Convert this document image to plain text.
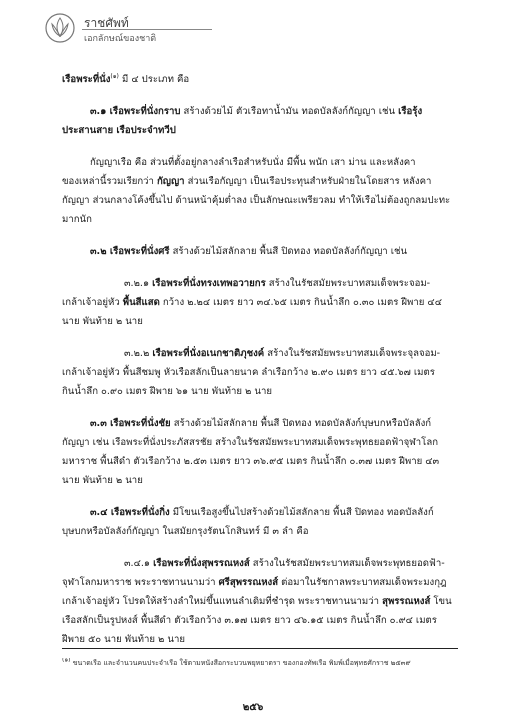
ราชศัพท์
เอกลักษณ์ของชาติ

เรือพระที่นั่ง$^{(๑)}$ มี ๔ ประเภท คือ

๓.๑ เรือพระที่นั่งกราบ สร้างด้วยไม้ ตัวเรือทาน้ำมัน ทอดบัลลังก์กัญญา เช่น เรือรุ้ง

ประสานสาย เรือประจำทวีป

กัญญาเรือ คือ ส่วนที่ตั้งอยู่กลางลำเรือสำหรับนั่ง มีพื้น พนัก เสา ม่าน และหลังคา

ของเหล่านี้รวมเรียกว่า กัญญา ส่วนเรือกัญญา เป็นเรือประทุนสำหรับฝ่ายในโดยสาร หลังคา

กัญญา ส่วนกลางโค้งขึ้นไป ด้านหน้าคุ้มต่ำลง เป็นลักษณะเพรียวลม ทำให้เรือไม่ต้องถูกลมปะทะ

มากนัก

๓.๒ เรือพระที่นั่งศรี สร้างด้วยไม้สลักลาย พื้นสี ปิดทอง ทอดบัลลังก์กัญญา เช่น

๓.๒.๑ เรือพระที่นั่งทรงเทพอวายกร สร้างในรัชสมัยพระบาทสมเด็จพระจอม-

เกล้าเจ้าอยู่หัว พื้นสีแสด กว้าง ๒.๒๔ เมตร ยาว ๓๔.๖๕ เมตร กินน้ำลึก ๐.๓๐ เมตร ฝีพาย ๔๔

นาย พันท้าย ๒ นาย

๓.๒.๒ เรือพระที่นั่งอเนกชาติภุชงค์ สร้างในรัชสมัยพระบาทสมเด็จพระจุลจอม-

เกล้าเจ้าอยู่หัว พื้นสีชมพู หัวเรือสลักเป็นลายนาค ลำเรือกว้าง ๒.๙๐ เมตร ยาว ๔๕.๖๗ เมตร

กินน้ำลึก ๐.๙๐ เมตร ฝีพาย ๖๑ นาย พันท้าย ๒ นาย

๓.๓ เรือพระที่นั่งชัย สร้างด้วยไม้สลักลาย พื้นสี ปิดทอง ทอดบัลลังก์บุษบกหรือบัลลังก์

กัญญา เช่น เรือพระที่นั่งประภัสสรชัย สร้างในรัชสมัยพระบาทสมเด็จพระพุทธยอดฟ้าจุฬาโลก

มหาราช พื้นสีดำ ตัวเรือกว้าง ๒.๕๓ เมตร ยาว ๓๖.๙๕ เมตร กินน้ำลึก ๐.๓๗ เมตร ฝีพาย ๔๓

นาย พันท้าย ๒ นาย

๓.๔ เรือพระที่นั่งกิ่ง มีโขนเรือสูงขึ้นไปสร้างด้วยไม้สลักลาย พื้นสี ปิดทอง ทอดบัลลังก์

บุษบกหรือบัลลังก์กัญญา ในสมัยกรุงรัตนโกสินทร์ มี ๓ ลำ คือ

๓.๔.๑ เรือพระที่นั่งสุพรรณหงส์ สร้างในรัชสมัยพระบาทสมเด็จพระพุทธยอดฟ้า-

จุฬาโลกมหาราช พระราชทานนามว่า ศรีสุพรรณหงส์ ต่อมาในรัชกาลพระบาทสมเด็จพระมงกุฎ

เกล้าเจ้าอยู่หัว โปรดให้สร้างลำใหม่ขึ้นแทนลำเดิมที่ชำรุด พระราชทานนามว่า สุพรรณหงส์ โขน

เรือสลักเป็นรูปหงส์ พื้นสีดำ ตัวเรือกว้าง ๓.๑๗ เมตร ยาว ๔๖.๑๕ เมตร กินน้ำลึก ๐.๙๔ เมตร

ฝีพาย ๕๐ นาย พันท้าย ๒ นาย

$^{(๑)}$ ขนาดเรือ และจำนวนคนประจำเรือ ใช้ตามหนังสือกระบวนพยุหยาตรา ของกองทัพเรือ พิมพ์เมื่อพุทธศักราช ๒๕๓๙
๒๕๖
